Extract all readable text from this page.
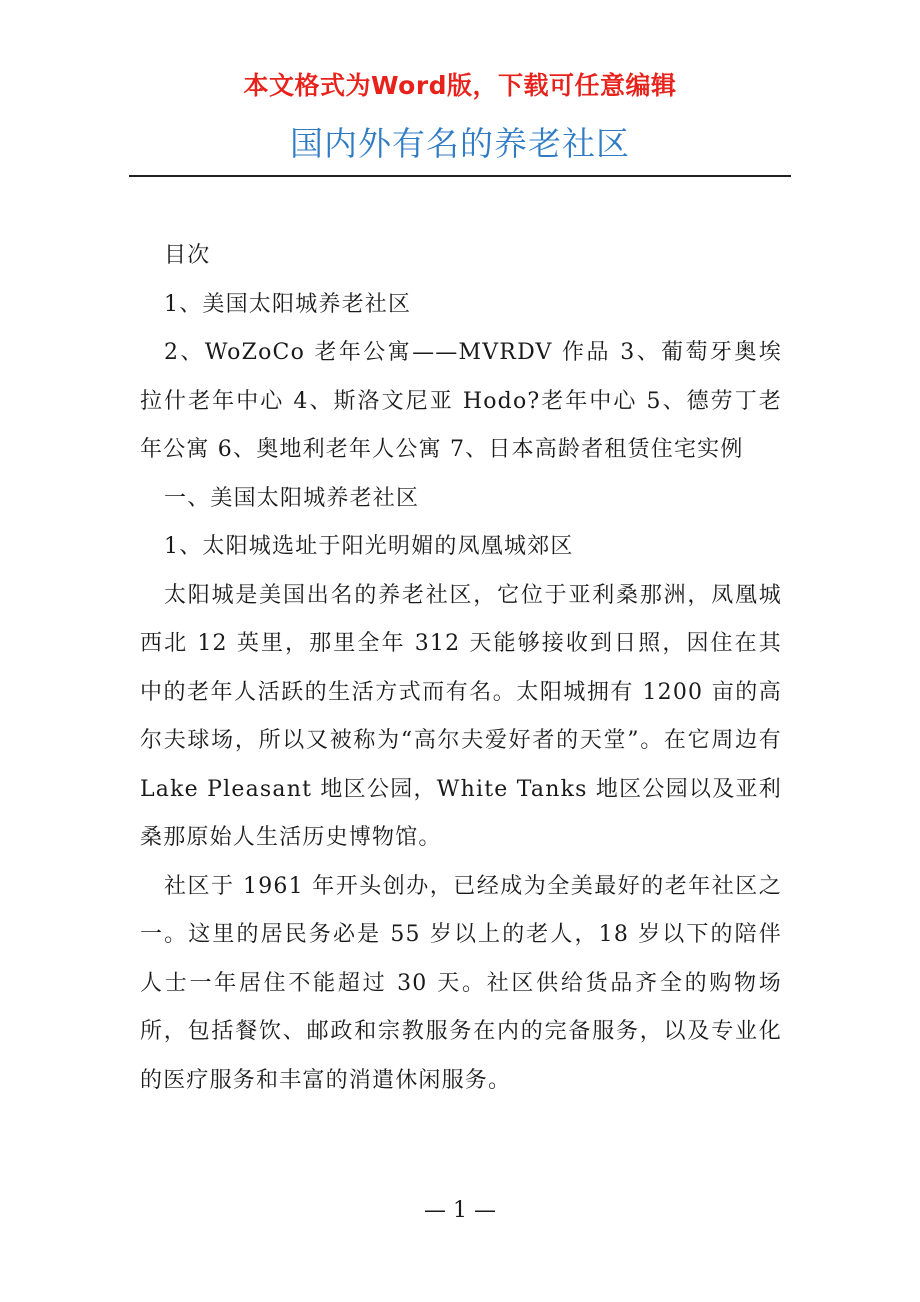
本文格式为Word版，下载可任意编辑
国内外有名的养老社区

目次

1、美国太阳城养老社区

2、WoZoCo 老年公寓——MVRDV 作品 3、葡萄牙奥埃拉什老年中心 4、斯洛文尼亚 Hodo?老年中心 5、德劳丁老年公寓 6、奥地利老年人公寓 7、日本高龄者租赁住宅实例

一、美国太阳城养老社区

1、太阳城选址于阳光明媚的凤凰城郊区

太阳城是美国出名的养老社区，它位于亚利桑那洲，凤凰城西北 12 英里，那里全年 312 天能够接收到日照，因住在其中的老年人活跃的生活方式而有名。太阳城拥有 1200 亩的高尔夫球场，所以又被称为“高尔夫爱好者的天堂”。在它周边有 Lake Pleasant 地区公园，White Tanks 地区公园以及亚利桑那原始人生活历史博物馆。

社区于 1961 年开头创办，已经成为全美最好的老年社区之一。这里的居民务必是 55 岁以上的老人，18 岁以下的陪伴人士一年居住不能超过 30 天。社区供给货品齐全的购物场所，包括餐饮、邮政和宗教服务在内的完备服务，以及专业化的医疗服务和丰富的消遣休闲服务。

— 1 —
